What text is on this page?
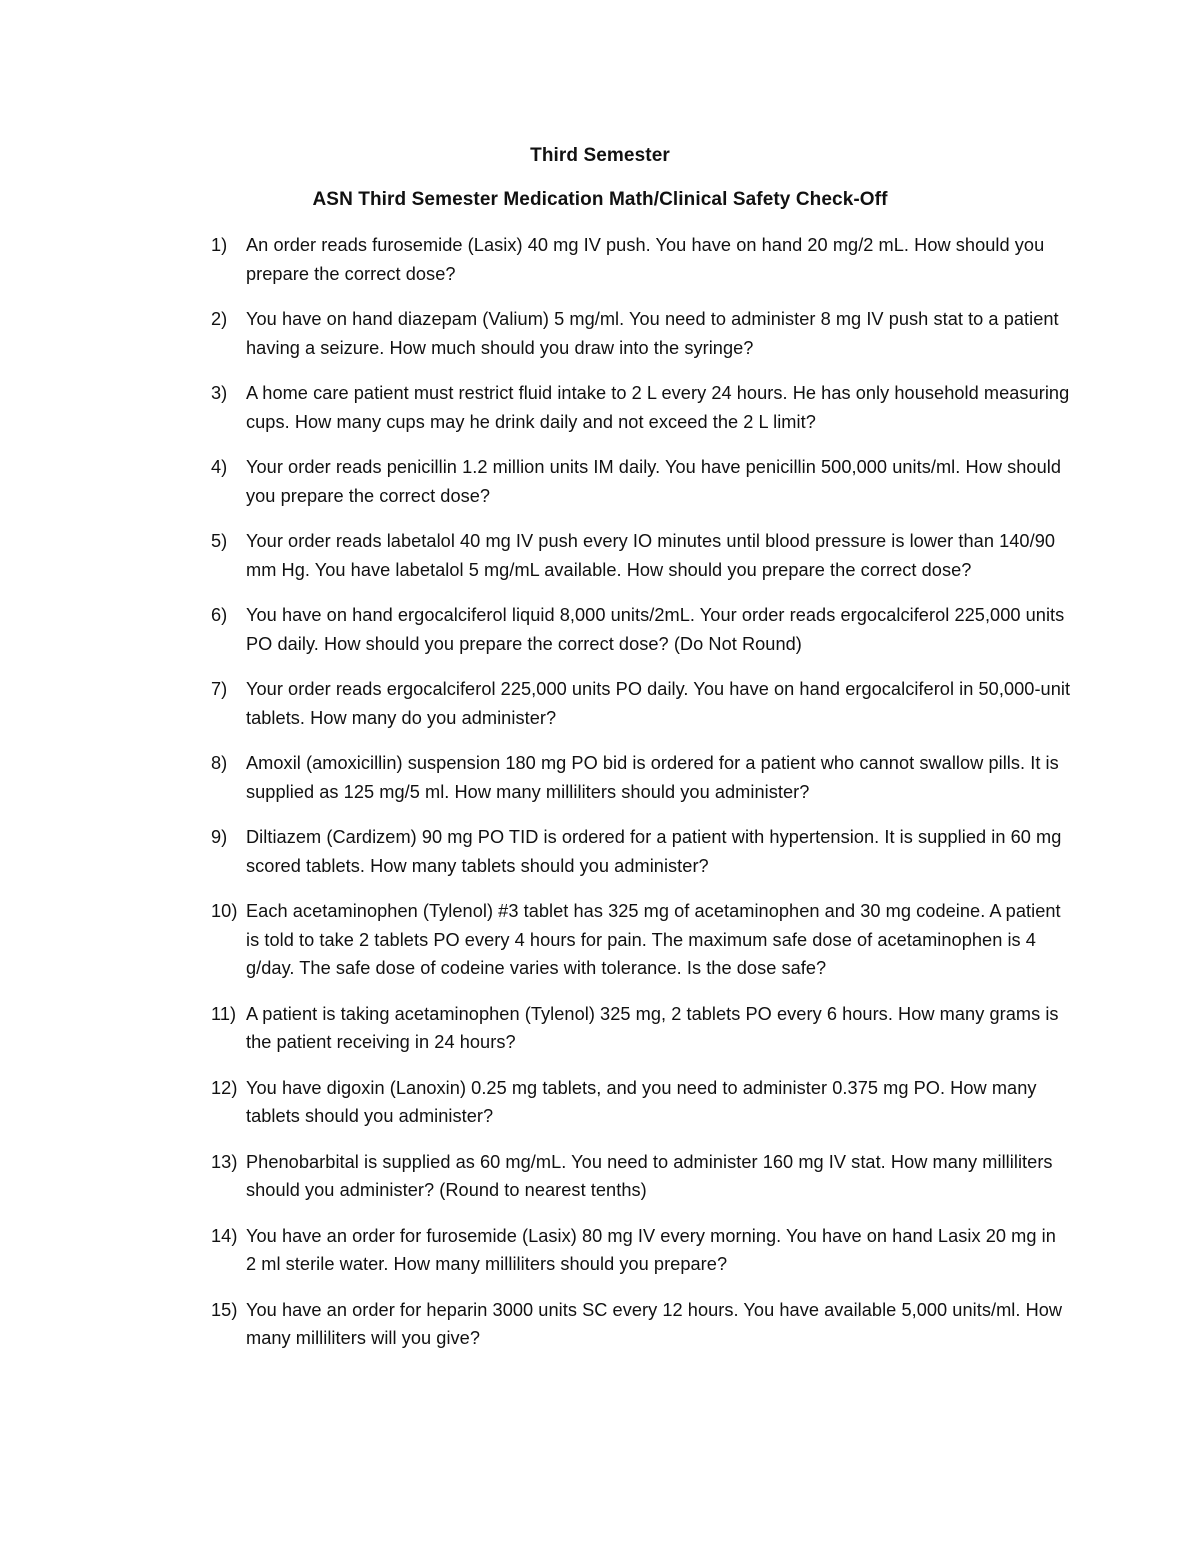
Third Semester
ASN Third Semester Medication Math/Clinical Safety Check-Off
1)	An order reads furosemide (Lasix) 40 mg IV push. You have on hand 20 mg/2 mL. How should you prepare the correct dose?
2)	You have on hand diazepam (Valium) 5 mg/ml. You need to administer 8 mg IV push stat to a patient having a seizure. How much should you draw into the syringe?
3)	A home care patient must restrict fluid intake to 2 L every 24 hours. He has only household measuring cups. How many cups may he drink daily and not exceed the 2 L limit?
4)	Your order reads penicillin 1.2 million units IM daily. You have penicillin 500,000 units/ml. How should you prepare the correct dose?
5)	Your order reads labetalol 40 mg IV push every IO minutes until blood pressure is lower than 140/90 mm Hg. You have labetalol 5 mg/mL available. How should you prepare the correct dose?
6)	You have on hand ergocalciferol liquid 8,000 units/2mL. Your order reads ergocalciferol 225,000 units PO daily. How should you prepare the correct dose? (Do Not Round)
7)	Your order reads ergocalciferol 225,000 units PO daily. You have on hand ergocalciferol in 50,000-unit tablets. How many do you administer?
8)	Amoxil (amoxicillin) suspension 180 mg PO bid is ordered for a patient who cannot swallow pills. It is supplied as 125 mg/5 ml. How many milliliters should you administer?
9)	Diltiazem (Cardizem) 90 mg PO TID is ordered for a patient with hypertension. It is supplied in 60 mg scored tablets. How many tablets should you administer?
10) Each acetaminophen (Tylenol) #3 tablet has 325 mg of acetaminophen and 30 mg codeine. A patient is told to take 2 tablets PO every 4 hours for pain. The maximum safe dose of acetaminophen is 4 g/day. The safe dose of codeine varies with tolerance. Is the dose safe?
11) A patient is taking acetaminophen (Tylenol) 325 mg, 2 tablets PO every 6 hours. How many grams is the patient receiving in 24 hours?
12) You have digoxin (Lanoxin) 0.25 mg tablets, and you need to administer 0.375 mg PO. How many tablets should you administer?
13) Phenobarbital is supplied as 60 mg/mL. You need to administer 160 mg IV stat. How many milliliters should you administer? (Round to nearest tenths)
14) You have an order for furosemide (Lasix) 80 mg IV every morning. You have on hand Lasix 20 mg in 2 ml sterile water. How many milliliters should you prepare?
15) You have an order for heparin 3000 units SC every 12 hours. You have available 5,000 units/ml. How many milliliters will you give?
